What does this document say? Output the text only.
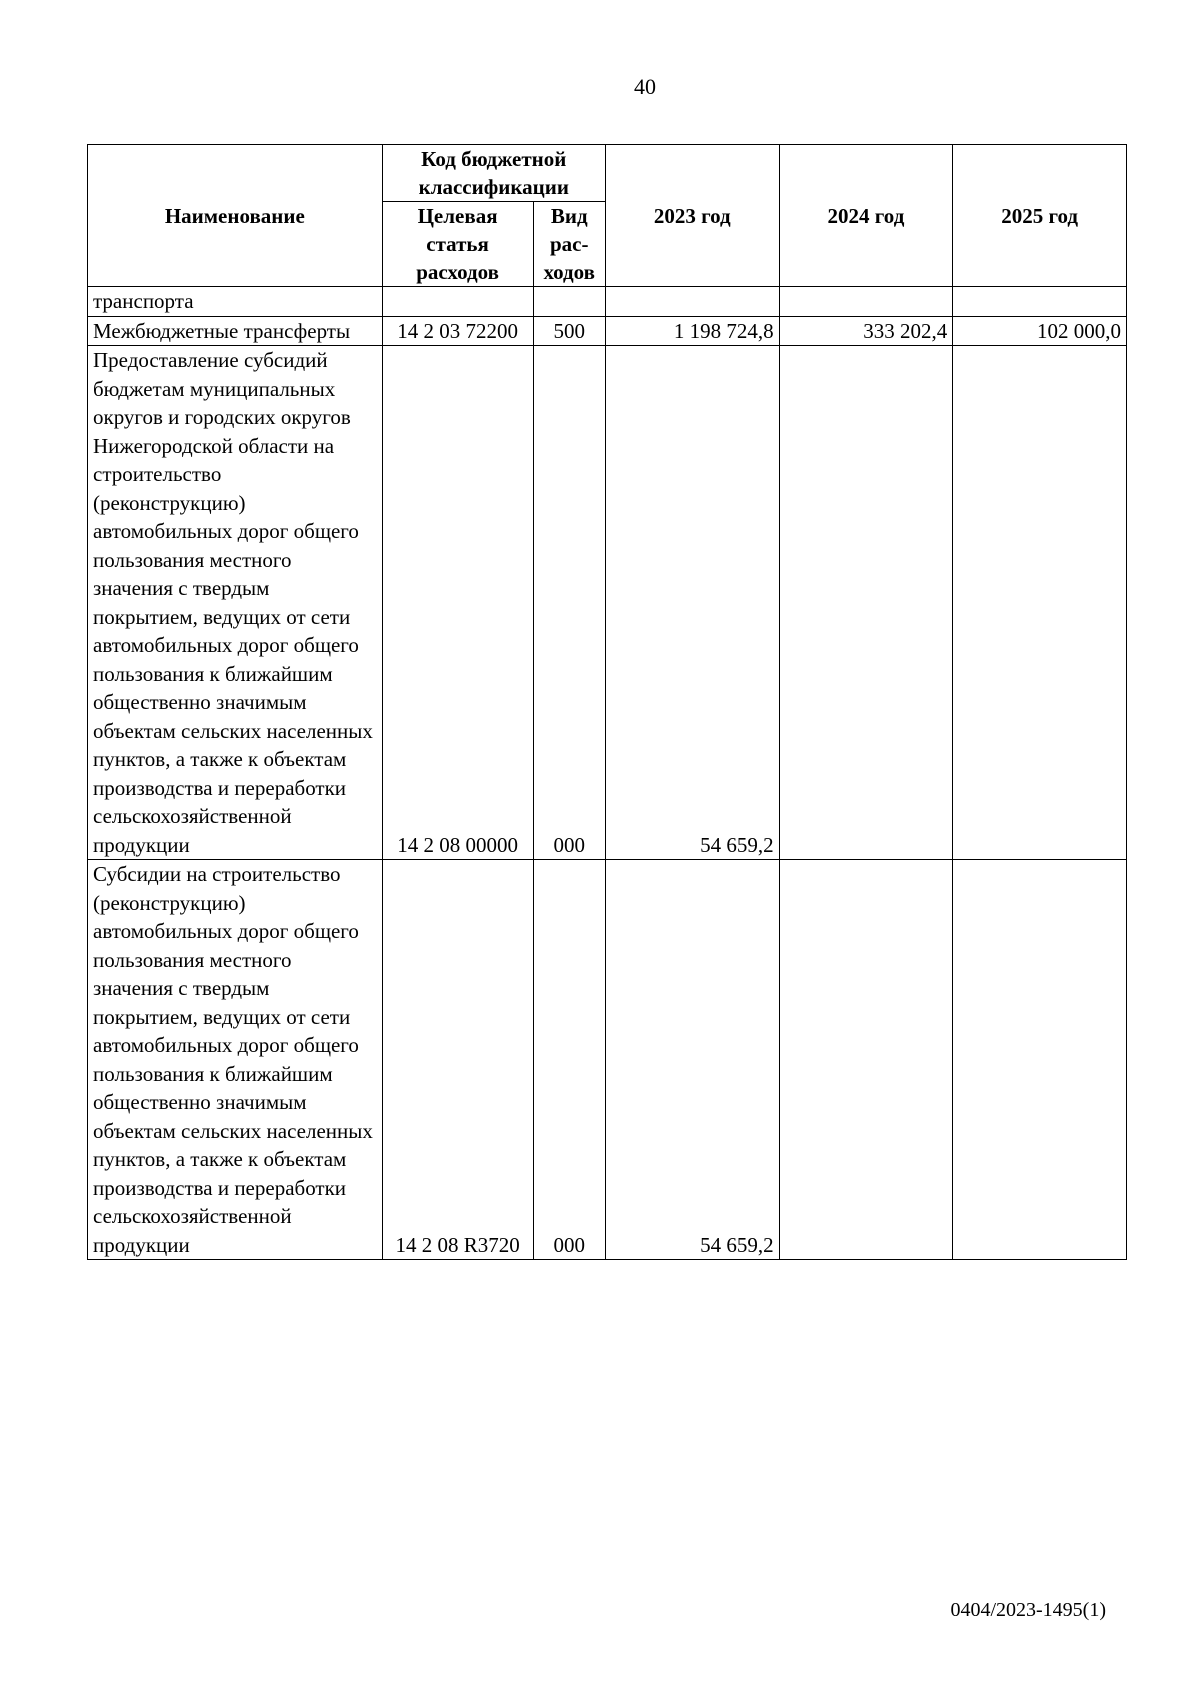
40
Наименование	Код бюджетной классификации		2023 год	2024 год	2025 год
	Целевая статья расходов	Вид рас-ходов			
транспорта					
Межбюджетные трансферты	14 2 03 72200	500	1 198 724,8	333 202,4	102 000,0
Предоставление субсидий бюджетам муниципальных округов и городских округов Нижегородской области на строительство (реконструкцию) автомобильных дорог общего пользования местного значения с твердым покрытием, ведущих от сети автомобильных дорог общего пользования к ближайшим общественно значимым объектам сельских населенных пунктов, а также к объектам производства и переработки сельскохозяйственной продукции	14 2 08 00000	000	54 659,2		
Субсидии на строительство (реконструкцию) автомобильных дорог общего пользования местного значения с твердым покрытием, ведущих от сети автомобильных дорог общего пользования к ближайшим общественно значимым объектам сельских населенных пунктов, а также к объектам производства и переработки сельскохозяйственной продукции	14 2 08 R3720	000	54 659,2		
0404/2023-1495(1)
